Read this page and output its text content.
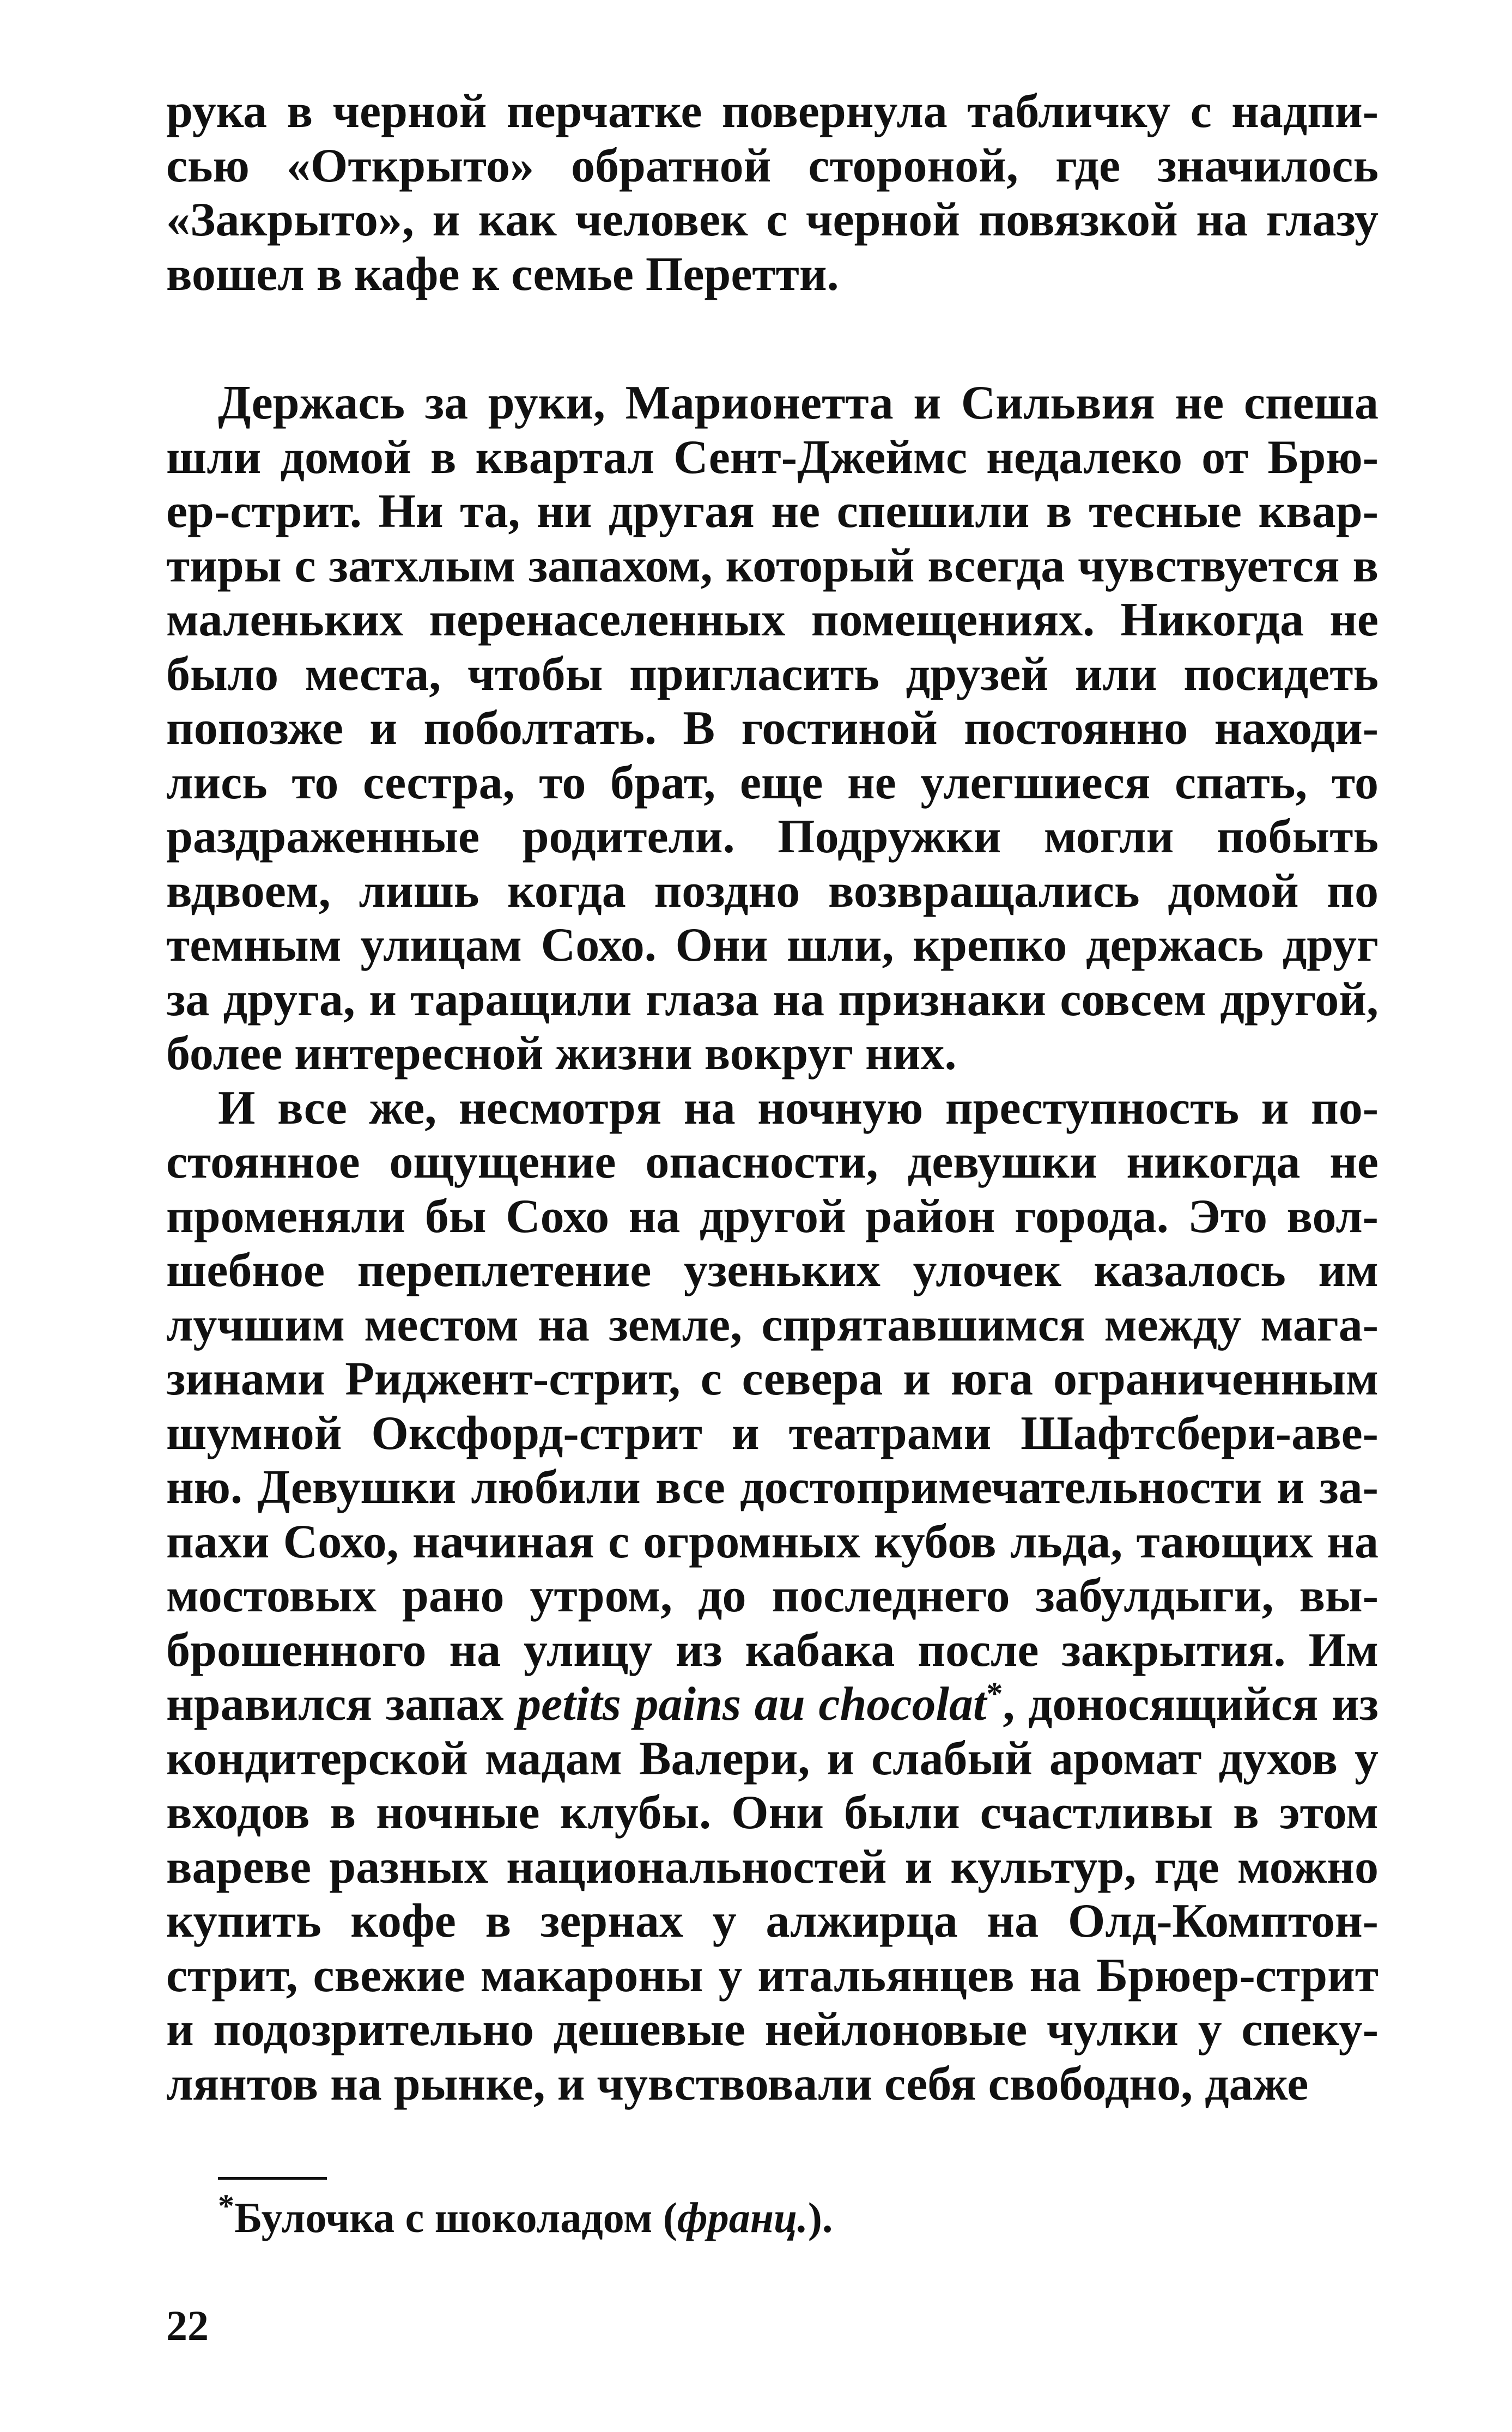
рука в черной перчатке повернула табличку с надпи-сью «Открыто» обратной стороной, где значилось «Закрыто», и как человек с черной повязкой на глазу вошел в кафе к семье Перетти.

Держась за руки, Марионетта и Сильвия не спеша шли домой в квартал Сент-Джеймс недалеко от Брю-ер-стрит. Ни та, ни другая не спешили в тесные квар-тиры с затхлым запахом, который всегда чувствуется в маленьких перенаселенных помещениях. Никогда не было места, чтобы пригласить друзей или посидеть попозже и поболтать. В гостиной постоянно находи-лись то сестра, то брат, еще не улегшиеся спать, то раздраженные родители. Подружки могли побыть вдвоем, лишь когда поздно возвращались домой по темным улицам Сохо. Они шли, крепко держась друг за друга, и таращили глаза на признаки совсем другой, более интересной жизни вокруг них.

И все же, несмотря на ночную преступность и по-стоянное ощущение опасности, девушки никогда не променяли бы Сохо на другой район города. Это вол-шебное переплетение узеньких улочек казалось им лучшим местом на земле, спрятавшимся между мага-зинами Риджент-стрит, с севера и юга ограниченным шумной Оксфорд-стрит и театрами Шафтсбери-аве-ню. Девушки любили все достопримечательности и за-пахи Сохо, начиная с огромных кубов льда, тающих на мостовых рано утром, до последнего забулдыги, вы-брошенного на улицу из кабака после закрытия. Им нравился запах petits pains au chocolat*, доносящийся из кондитерской мадам Валери, и слабый аромат духов у входов в ночные клубы. Они были счастливы в этом вареве разных национальностей и культур, где можно купить кофе в зернах у алжирца на Олд-Комптон-стрит, свежие макароны у итальянцев на Брюер-стрит и подозрительно дешевые нейлоновые чулки у спеку-лянтов на рынке, и чувствовали себя свободно, даже

*Булочка с шоколадом (франц.).
22
